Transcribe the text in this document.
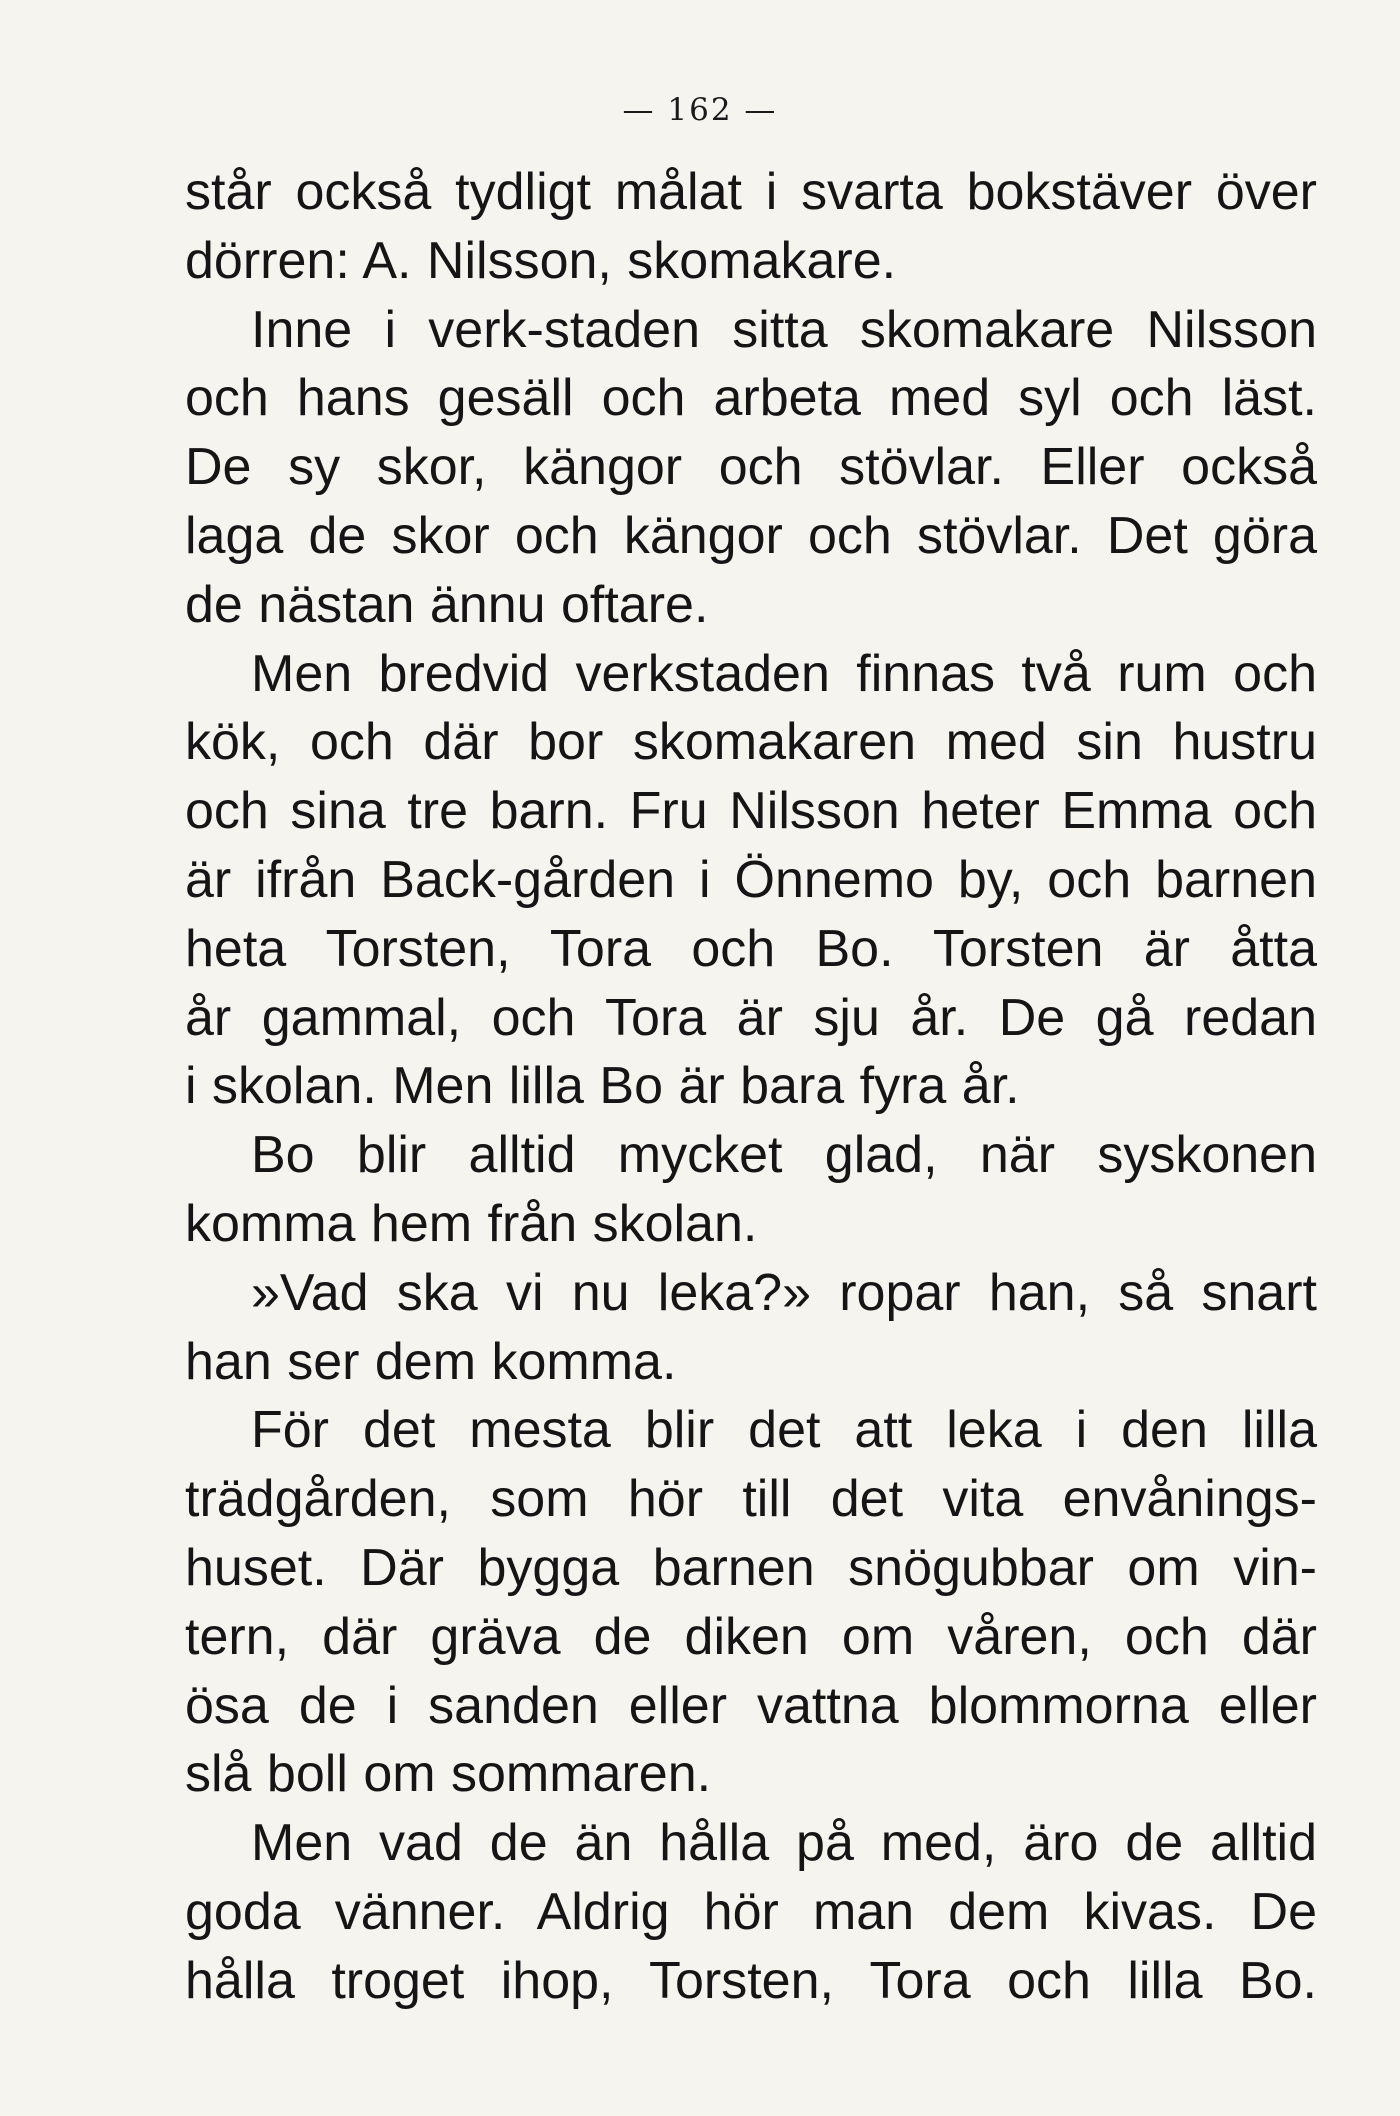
— 162 —
står också tydligt målat i svarta bokstäver över
dörren: A. Nilsson, skomakare.
Inne i verk-staden sitta skomakare Nilsson
och hans gesäll och arbeta med syl och läst.
De sy skor, kängor och stövlar. Eller också
laga de skor och kängor och stövlar. Det göra
de nästan ännu oftare.
Men bredvid verkstaden finnas två rum och
kök, och där bor skomakaren med sin hustru
och sina tre barn. Fru Nilsson heter Emma och
är ifrån Back-gården i Önnemo by, och barnen
heta Torsten, Tora och Bo. Torsten är åtta
år gammal, och Tora är sju år. De gå redan
i skolan. Men lilla Bo är bara fyra år.
Bo blir alltid mycket glad, när syskonen
komma hem från skolan.
»Vad ska vi nu leka?» ropar han, så snart
han ser dem komma.
För det mesta blir det att leka i den lilla
trädgården, som hör till det vita envånings-
huset. Där bygga barnen snögubbar om vin-
tern, där gräva de diken om våren, och där
ösa de i sanden eller vattna blommorna eller
slå boll om sommaren.
Men vad de än hålla på med, äro de alltid
goda vänner. Aldrig hör man dem kivas. De
hålla troget ihop, Torsten, Tora och lilla Bo.
